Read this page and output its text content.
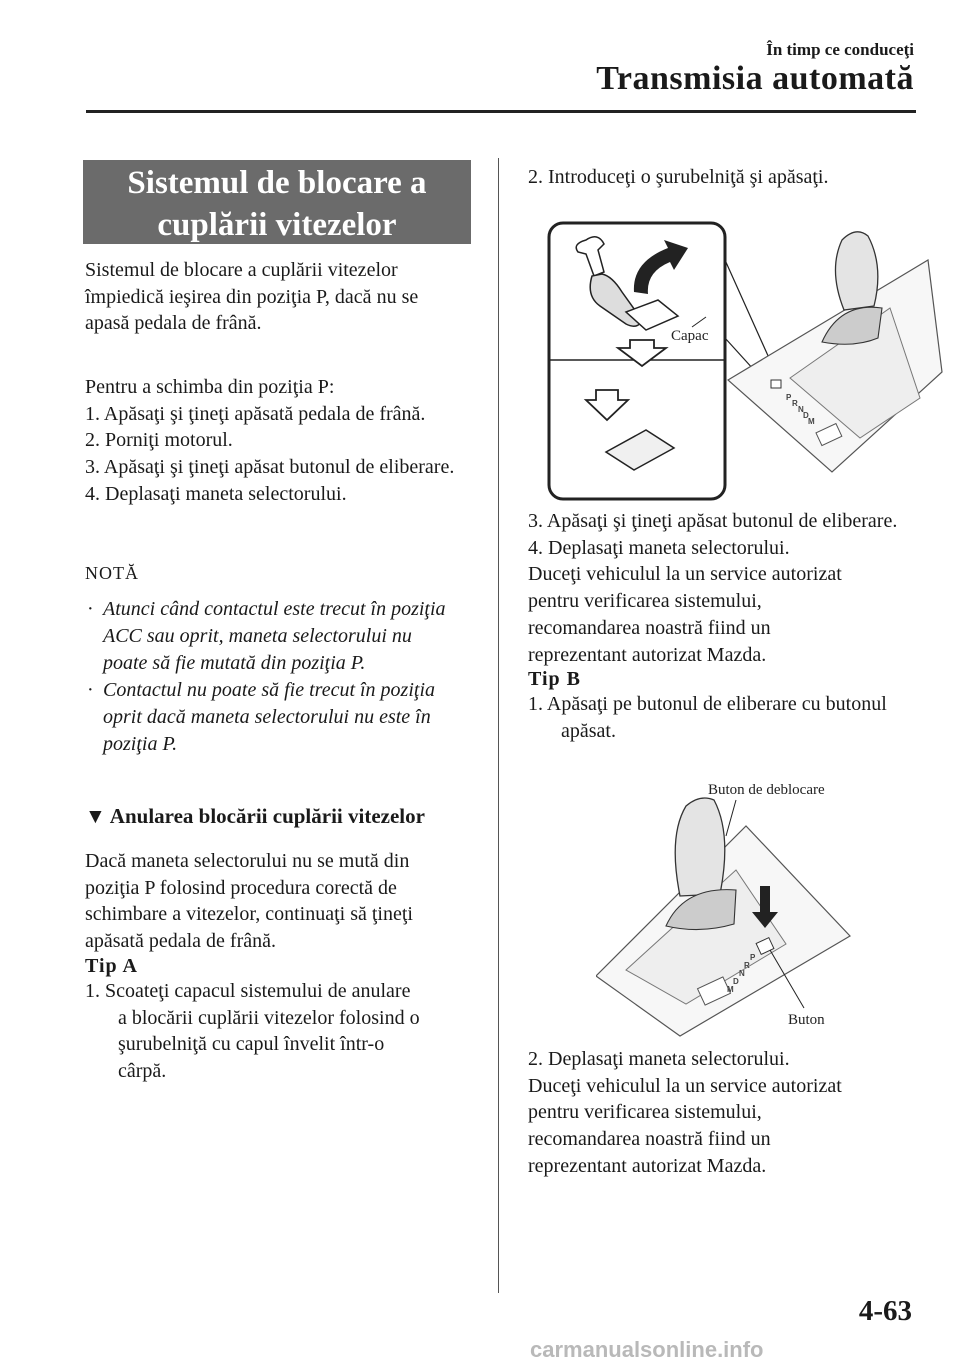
În timp ce conduceţi
Transmisia automată
Sistemul de blocare a
cuplării vitezelor

Sistemul de blocare a cuplării vitezelor

împiedică ieşirea din poziţia P, dacă nu se

apasă pedala de frână.

Pentru a schimba din poziţia P:

1. Apăsaţi şi ţineţi apăsată pedala de frână.

2. Porniţi motorul.

3. Apăsaţi şi ţineţi apăsat butonul de eliberare.

4. Deplasaţi maneta selectorului.

NOTĂ

· Atunci când contactul este trecut în poziţia ACC sau oprit, maneta selectorului nu poate să fie mutată din poziţia P.

· Contactul nu poate să fie trecut în poziţia oprit dacă maneta selectorului nu este în poziţia P.

▼ Anularea blocării cuplării vitezelor

Dacă maneta selectorului nu se mută din

poziţia P folosind procedura corectă de

schimbare a vitezelor, continuaţi să ţineţi

apăsată pedala de frână.

Tip A

1. Scoateţi capacul sistemului de anulare

a blocării cuplării vitezelor folosind o

şurubelniţă cu capul învelit într-o

cârpă.

2. Introduceţi o şurubelniţă şi apăsaţi.

Capac
P
R
N
D
M

3. Apăsaţi şi ţineţi apăsat butonul de eliberare.

4. Deplasaţi maneta selectorului.

Duceţi vehiculul la un service autorizat

pentru verificarea sistemului,

recomandarea noastră fiind un

reprezentant autorizat Mazda.

Tip B

1. Apăsaţi pe butonul de eliberare cu butonul apăsat.

Buton de deblocare
P
R
N
D
M
Buton

2. Deplasaţi maneta selectorului.

Duceţi vehiculul la un service autorizat

pentru verificarea sistemului,

recomandarea noastră fiind un

reprezentant autorizat Mazda.

4-63
carmanualsonline.info
